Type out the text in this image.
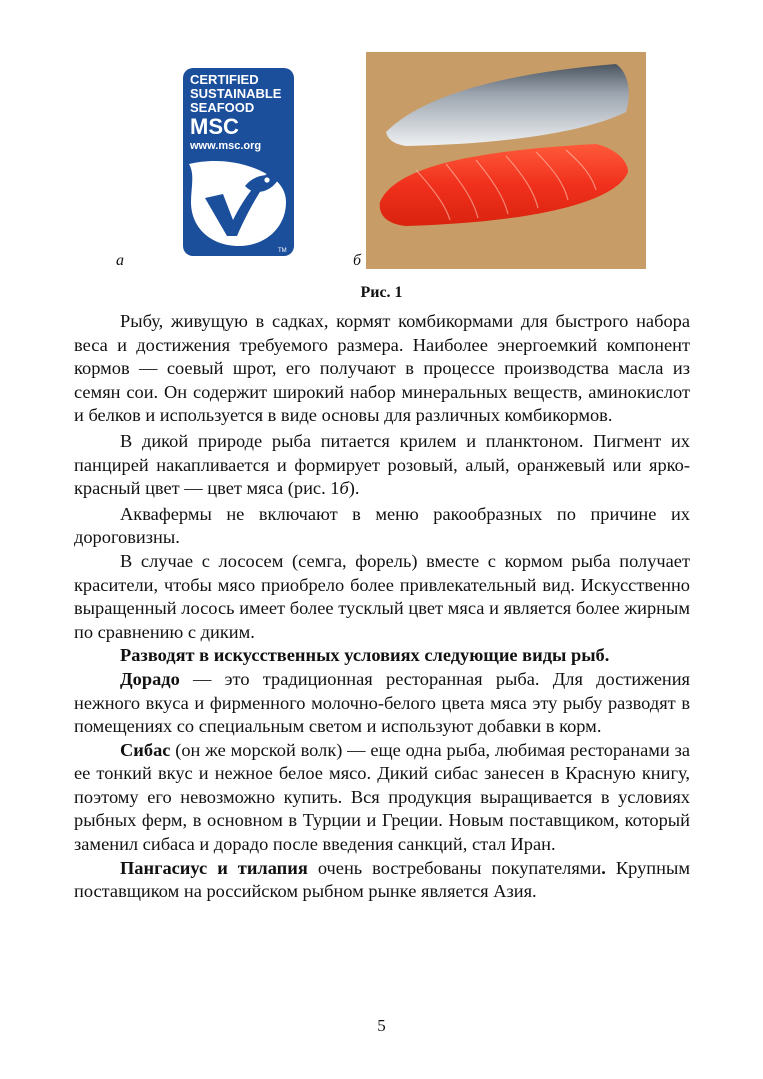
CERTIFIED
SUSTAINABLE
SEAFOOD
MSC
www.msc.org
TM
а	б
Рис. 1

Рыбу, живущую в садках, кормят комбикормами для быстрого набора веса и достижения требуемого размера. Наиболее энергоемкий компонент кормов — соевый шрот, его получают в процессе производства масла из семян сои. Он содержит широкий набор минеральных веществ, аминокислот и белков и используется в виде основы для различных комбикормов.

В дикой природе рыба питается крилем и планктоном. Пигмент их панцирей накапливается и формирует розовый, алый, оранжевый или ярко-красный цвет — цвет мяса (рис. 1б).

Аквафермы не включают в меню ракообразных по причине их дороговизны.

В случае с лососем (семга, форель) вместе с кормом рыба получает красители, чтобы мясо приобрело более привлекательный вид. Искусственно выращенный лосось имеет более тусклый цвет мяса и является более жирным по сравнению с диким.

Разводят в искусственных условиях следующие виды рыб.

Дорадо — это традиционная ресторанная рыба. Для достижения нежного вкуса и фирменного молочно-белого цвета мяса эту рыбу разводят в помещениях со специальным светом и используют добавки в корм.

Сибас (он же морской волк) — еще одна рыба, любимая ресторанами за ее тонкий вкус и нежное белое мясо. Дикий сибас занесен в Красную книгу, поэтому его невозможно купить. Вся продукция выращивается в условиях рыбных ферм, в основном в Турции и Греции. Новым поставщиком, который заменил сибаса и дорадо после введения санкций, стал Иран.

Пангасиус и тилапия очень востребованы покупателями. Крупным поставщиком на российском рыбном рынке является Азия.

5
